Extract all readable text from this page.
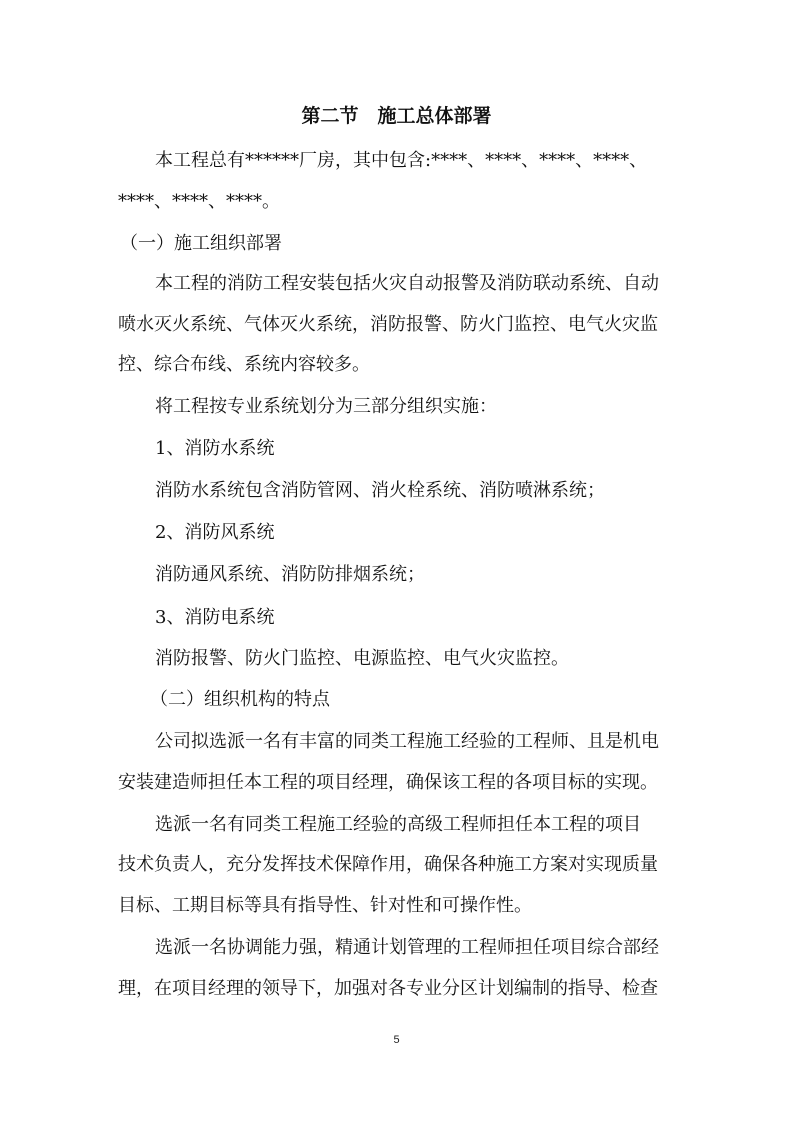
第二节　施工总体部署
本工程总有******厂房，其中包含:****、****、****、****、
****、****、****。
（一）施工组织部署
本工程的消防工程安装包括火灾自动报警及消防联动系统、自动
喷水灭火系统、气体灭火系统，消防报警、防火门监控、电气火灾监
控、综合布线、系统内容较多。
将工程按专业系统划分为三部分组织实施：
1、消防水系统
消防水系统包含消防管网、消火栓系统、消防喷淋系统；
2、消防风系统
消防通风系统、消防防排烟系统；
3、消防电系统
消防报警、防火门监控、电源监控、电气火灾监控。
（二）组织机构的特点
公司拟选派一名有丰富的同类工程施工经验的工程师、且是机电
安装建造师担任本工程的项目经理，确保该工程的各项目标的实现。
选派一名有同类工程施工经验的高级工程师担任本工程的项目
技术负责人，充分发挥技术保障作用，确保各种施工方案对实现质量
目标、工期目标等具有指导性、针对性和可操作性。
选派一名协调能力强，精通计划管理的工程师担任项目综合部经
理，在项目经理的领导下，加强对各专业分区计划编制的指导、检查
5
